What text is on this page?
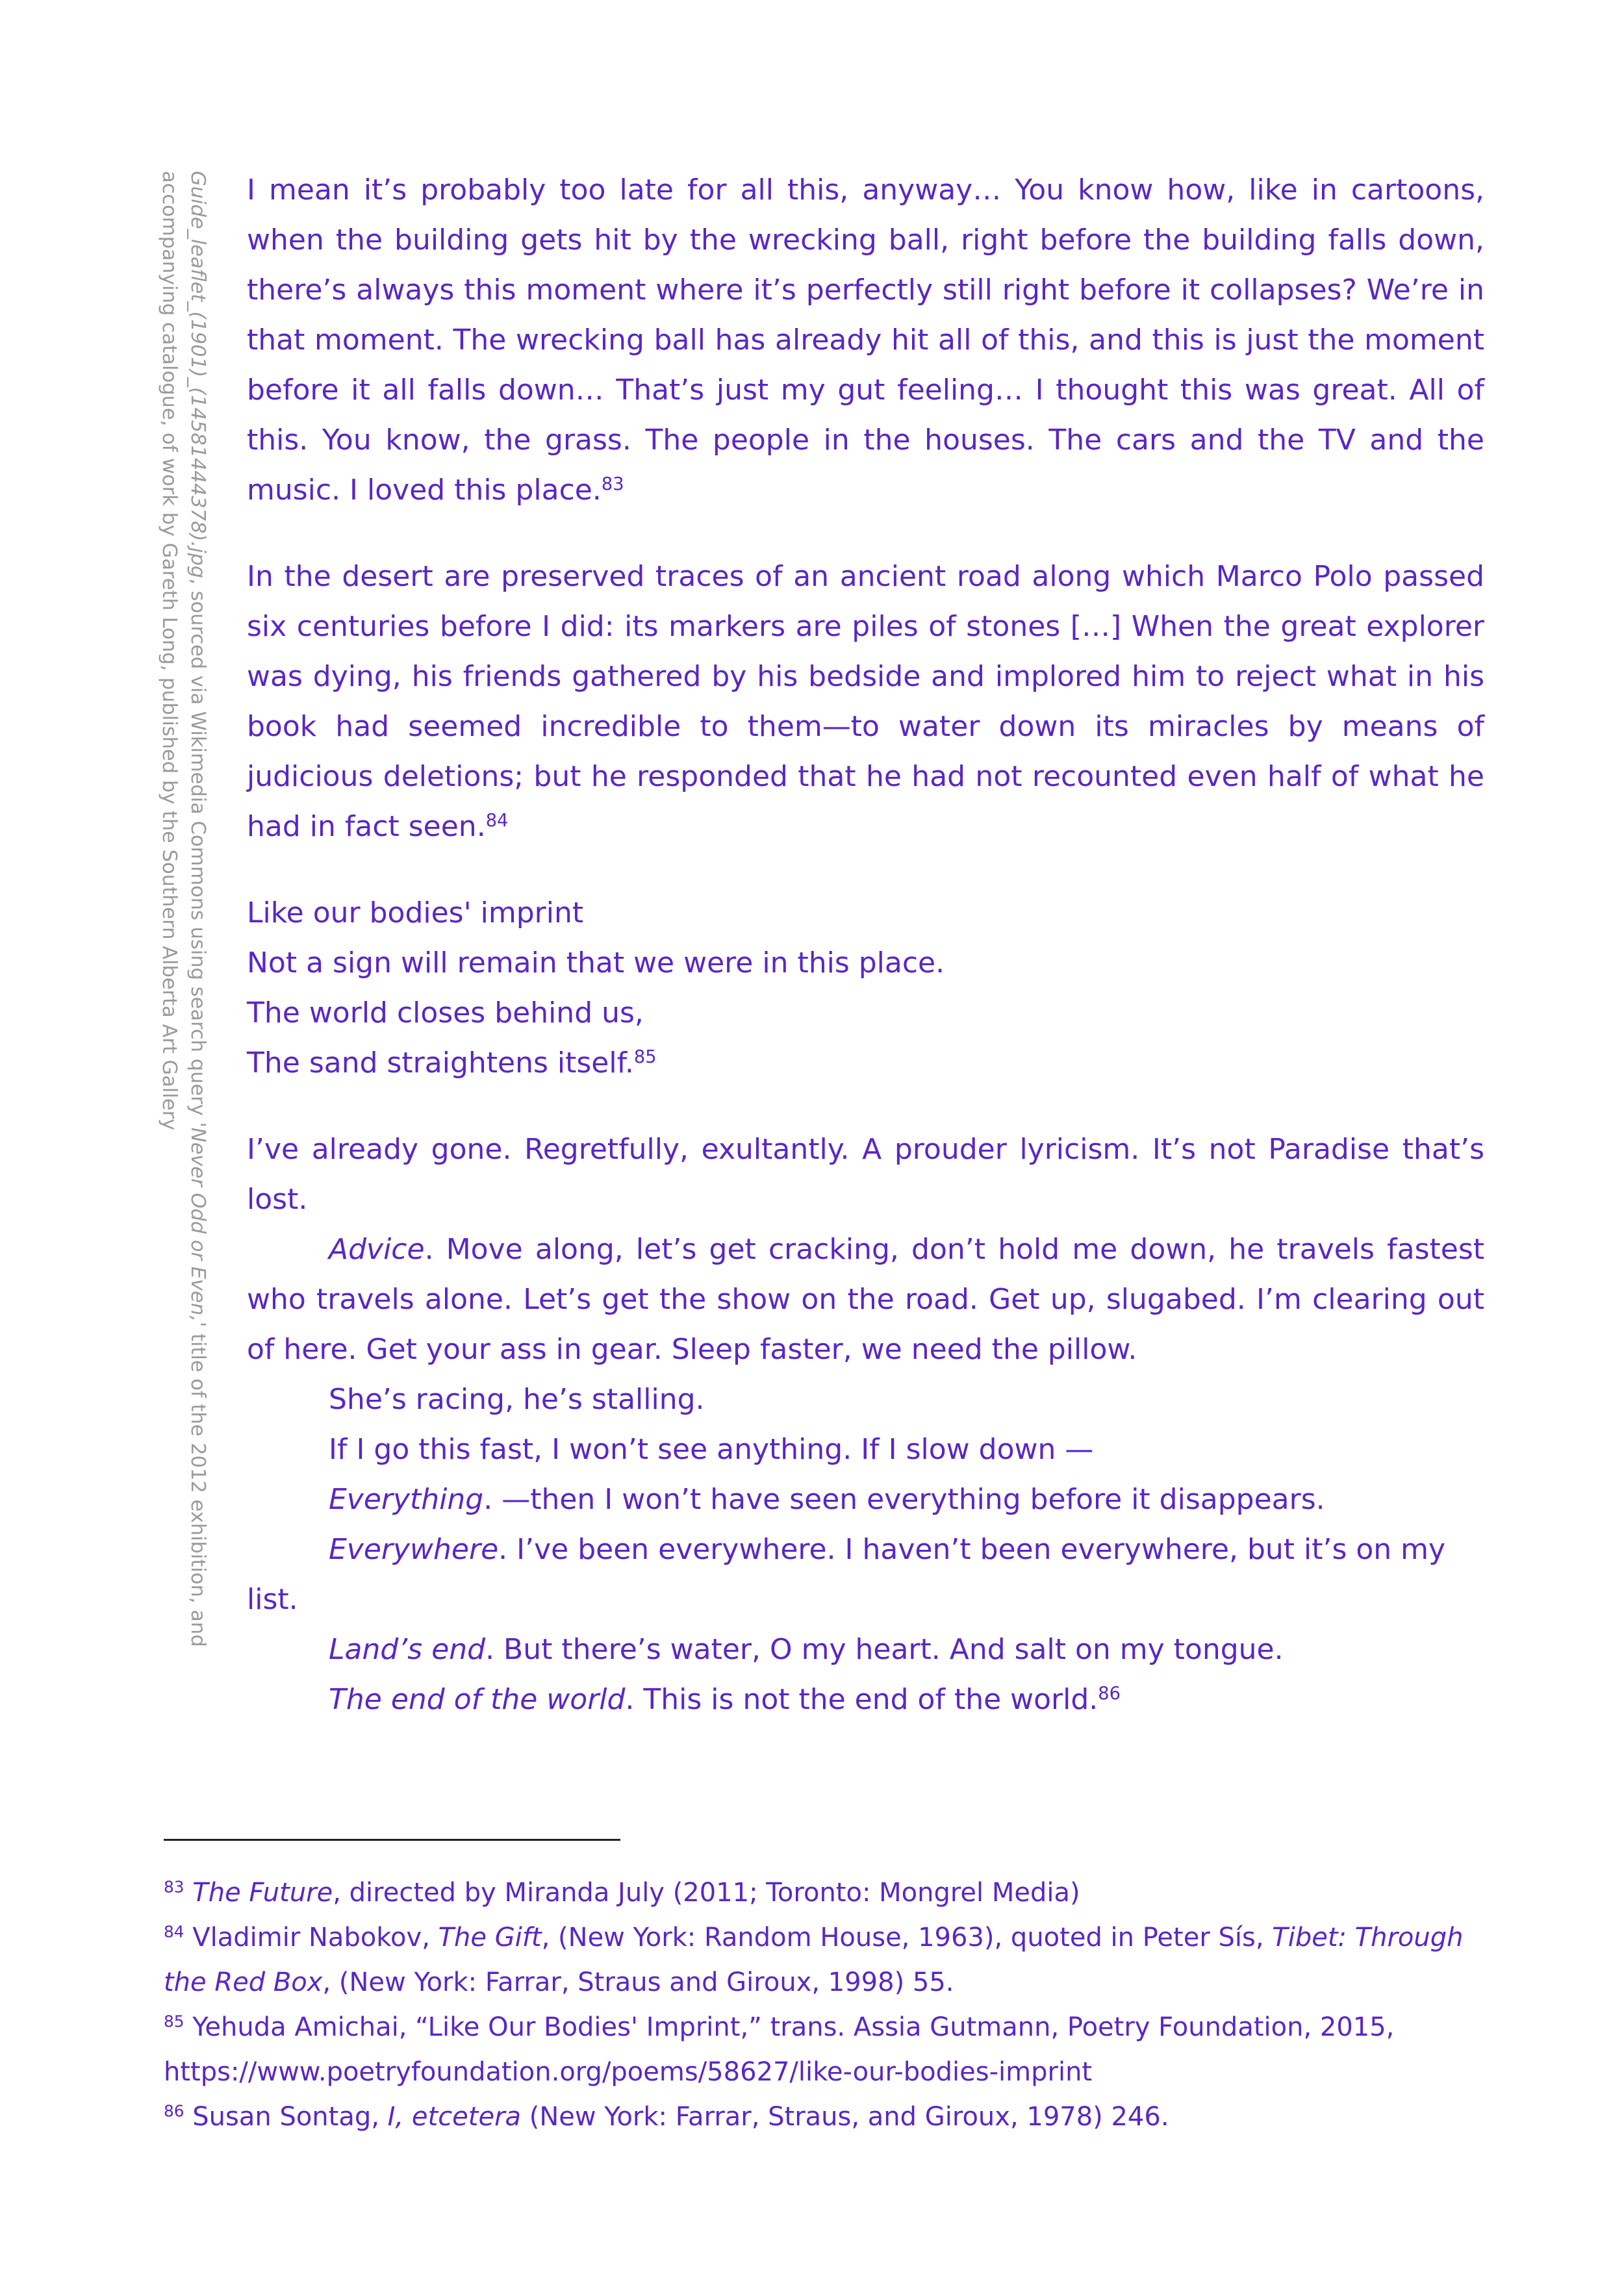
Guide_leaflet_(1901)_(14581444378).jpg, sourced via Wikimedia Commons using search query 'Never Odd or Even,' title of the 2012 exhibition, and accompanying catalogue, of work by Gareth Long, published by the Southern Alberta Art Gallery	I mean it’s probably too late for all this, anyway… You know how, like in cartoons, when the building gets hit by the wrecking ball, right before the building falls down, there’s always this moment where it’s perfectly still right before it collapses? We’re in that moment. The wrecking ball has already hit all of this, and this is just the moment before it all falls down… That’s just my gut feeling… I thought this was great. All of this. You know, the grass. The people in the houses. The cars and the TV and the music. I loved this place.$^{83}$

In the desert are preserved traces of an ancient road along which Marco Polo passed six centuries before I did: its markers are piles of stones […] When the great explorer was dying, his friends gathered by his bedside and implored him to reject what in his book had seemed incredible to them—to water down its miracles by means of judicious deletions; but he responded that he had not recounted even half of what he had in fact seen.$^{84}$

Like our bodies' imprint
Not a sign will remain that we were in this place.
The world closes behind us,
The sand straightens itself.$^{85}$

I’ve already gone. Regretfully, exultantly. A prouder lyricism. It’s not Paradise that’s lost.

Advice. Move along, let’s get cracking, don’t hold me down, he travels fastest who travels alone. Let’s get the show on the road. Get up, slugabed. I’m clearing out of here. Get your ass in gear. Sleep faster, we need the pillow.

She’s racing, he’s stalling.

If I go this fast, I won’t see anything. If I slow down —

Everything. —then I won’t have seen everything before it disappears.

Everywhere. I’ve been everywhere. I haven’t been everywhere, but it’s on my list.

Land’s end. But there’s water, O my heart. And salt on my tongue.

The end of the world. This is not the end of the world.$^{86}$

$^{83}$ The Future, directed by Miranda July (2011; Toronto: Mongrel Media)

$^{84}$ Vladimir Nabokov, The Gift, (New York: Random House, 1963), quoted in Peter Sís, Tibet: Through the Red Box, (New York: Farrar, Straus and Giroux, 1998) 55.

$^{85}$ Yehuda Amichai, “Like Our Bodies' Imprint,” trans. Assia Gutmann, Poetry Foundation, 2015, https://www.poetryfoundation.org/poems/58627/like-our-bodies-imprint

$^{86}$ Susan Sontag, I, etcetera (New York: Farrar, Straus, and Giroux, 1978) 246.
